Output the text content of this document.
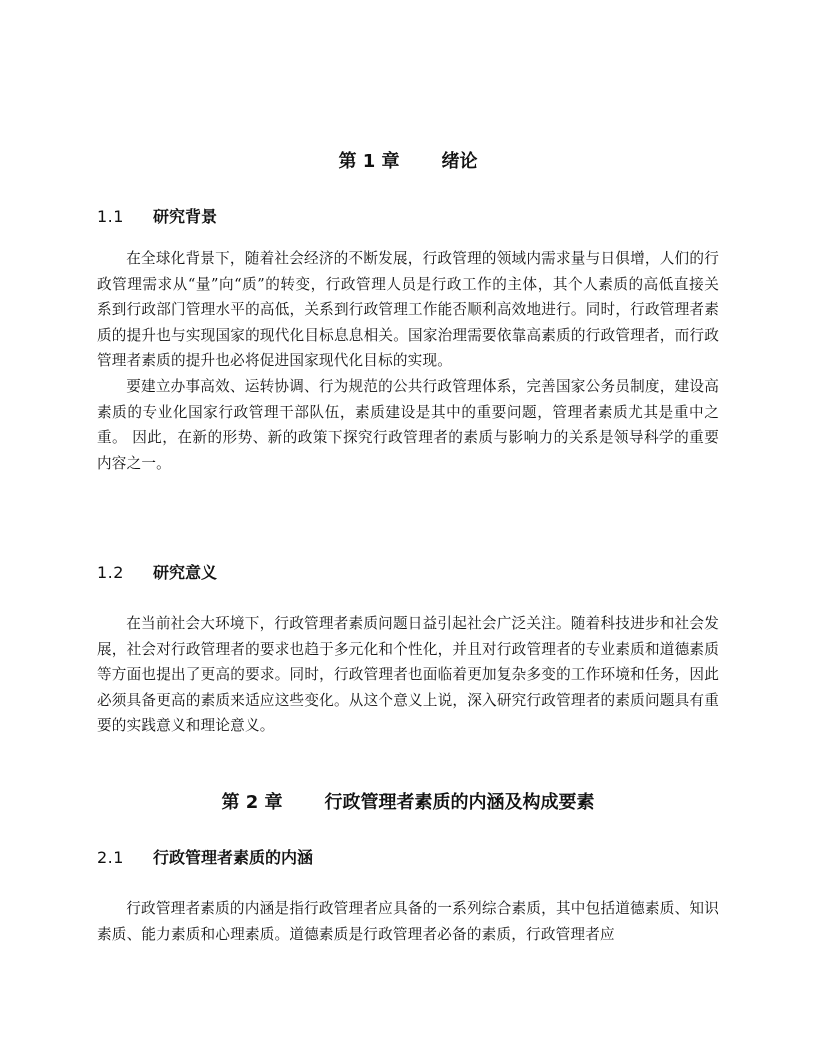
第 1 章 绪论
1.1 研究背景

在全球化背景下，随着社会经济的不断发展，行政管理的领域内需求量与日俱增，人们的行政管理需求从“量”向“质”的转变，行政管理人员是行政工作的主体，其个人素质的高低直接关系到行政部门管理水平的高低，关系到行政管理工作能否顺利高效地进行。同时，行政管理者素质的提升也与实现国家的现代化目标息息相关。国家治理需要依靠高素质的行政管理者，而行政管理者素质的提升也必将促进国家现代化目标的实现。

要建立办事高效、运转协调、行为规范的公共行政管理体系，完善国家公务员制度，建设高素质的专业化国家行政管理干部队伍，素质建设是其中的重要问题，管理者素质尤其是重中之重。 因此，在新的形势、新的政策下探究行政管理者的素质与影响力的关系是领导科学的重要内容之一。

1.2 研究意义

在当前社会大环境下，行政管理者素质问题日益引起社会广泛关注。随着科技进步和社会发展，社会对行政管理者的要求也趋于多元化和个性化，并且对行政管理者的专业素质和道德素质等方面也提出了更高的要求。同时，行政管理者也面临着更加复杂多变的工作环境和任务，因此必须具备更高的素质来适应这些变化。从这个意义上说，深入研究行政管理者的素质问题具有重要的实践意义和理论意义。

第 2 章 行政管理者素质的内涵及构成要素
2.1 行政管理者素质的内涵

行政管理者素质的内涵是指行政管理者应具备的一系列综合素质，其中包括道德素质、知识素质、能力素质和心理素质。道德素质是行政管理者必备的素质，行政管理者应
